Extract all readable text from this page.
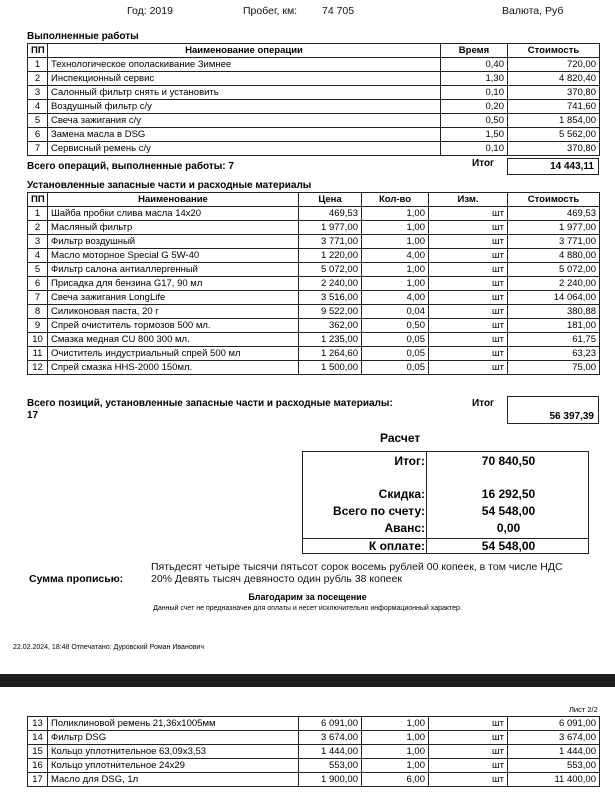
Год: 2019	Пробег, км: 74 705	Валюта, Руб
Выполненные работы
ПП	Наименование операции	Время	Стоимость
1	Технологическое ополаскивание Зимнее	0,40	720,00
2	Инспекционный сервис	1,30	4 820,40
3	Салонный фильтр снять и установить	0,10	370,80
4	Воздушный фильтр с/у	0,20	741,60
5	Свеча зажигания с/у	0,50	1 854,00
6	Замена масла в DSG	1,50	5 562,00
7	Сервисный ремень с/у	0,10	370,80
Всего операций, выполненные работы: 7	Итог	14 443,11
Установленные запасные части и расходные материалы
ПП	Наименование	Цена	Кол-во	Изм.	Стоимость
1	Шайба пробки слива масла 14x20	469,53	1,00	шт	469,53
2	Масляный фильтр	1 977,00	1,00	шт	1 977,00
3	Фильтр воздушный	3 771,00	1,00	шт	3 771,00
4	Масло моторное Special G 5W-40	1 220,00	4,00	шт	4 880,00
5	Фильтр салона антиаллергенный	5 072,00	1,00	шт	5 072,00
6	Присадка для бензина G17, 90 мл	2 240,00	1,00	шт	2 240,00
7	Свеча зажигания LongLife	3 516,00	4,00	шт	14 064,00
8	Силиконовая паста, 20 г	9 522,00	0,04	шт	380,88
9	Спрей очиститель тормозов 500 мл.	362,00	0,50	шт	181,00
10	Смазка медная CU 800 300 мл.	1 235,00	0,05	шт	61,75
11	Очиститель индустриальный спрей 500 мл	1 264,60	0,05	шт	63,23
12	Спрей смазка HHS-2000 150мл.	1 500,00	0,05	шт	75,00
Всего позиций, установленные запасные части и расходные материалы:
17
Итог
56 397,39
Расчет
Итог:	70 840,50
Скидка:	16 292,50
Всего по счету:	54 548,00
Аванс:	0,00
К оплате:	54 548,00
Сумма прописью:
Пятьдесят четыре тысячи пятьсот сорок восемь рублей 00 копеек, в том числе НДС
20% Девять тысяч девяносто один рубль 38 копеек
Благодарим за посещение
Данный счет не предназначен для оплаты и несет исключительно информационный характер.
22.02.2024, 18:48 Отпечатано: Дуровский Роман Иванович
Лист 2/2
13	Поликлиновой ремень 21,36x1005мм	6 091,00	1,00	шт	6 091,00
14	Фильтр DSG	3 674,00	1,00	шт	3 674,00
15	Кольцо уплотнительное 63,09x3,53	1 444,00	1,00	шт	1 444,00
16	Кольцо уплотнительное 24x29	553,00	1,00	шт	553,00
17	Масло для DSG, 1л	1 900,00	6,00	шт	11 400,00
